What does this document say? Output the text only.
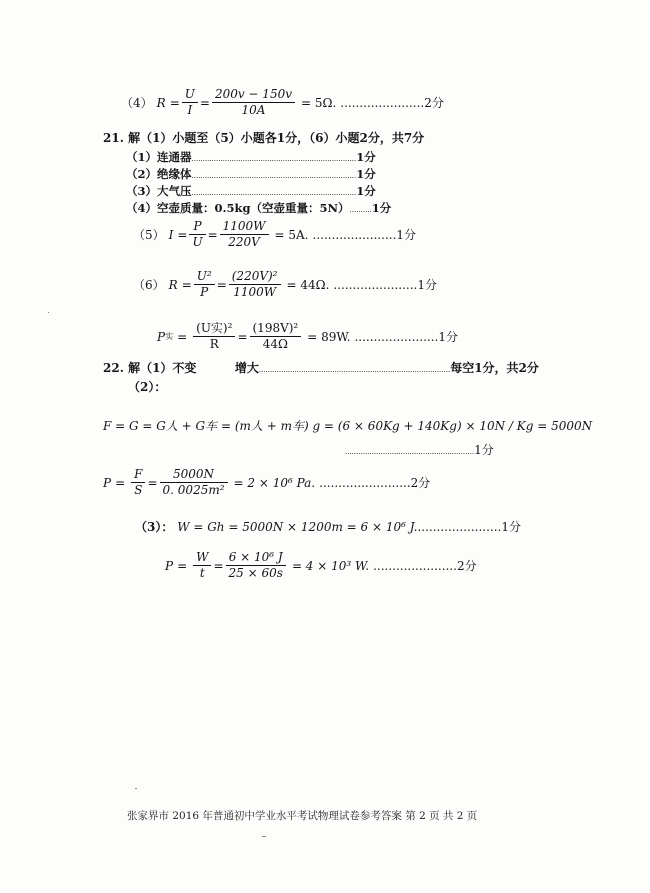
（4） $R = \frac{U}{I} = \frac{200v - 150v}{10A} = 5\Omega$. ...................... 2分
21. 解（1）小题至（5）小题各1分，（6）小题2分，共7分
（1）连通器..........................................................................1分
（2）绝缘体..........................................................................1分
（3）大气压..........................................................................1分
（4）空壶质量：0.5kg（空壶重量：5N）..........1分
（5） $I = \frac{P}{U} = \frac{1100W}{220V} = 5A$. ...................... 1分
（6） $R = \frac{\text{U²}}{P} = \frac{\text{(220V)²}}{1100W} = 44\Omega$. ...................... 1分
P 实 = $\frac{\text{(U实)²}}{R} = \frac{\text{(198V)²}}{44\Omega} = 89W$. ...................... 1分
22. 解（1）不变	增大......................................................................................每空1分，共2分
（2）：
F = G = G人 + G车 = (m人 + m车) g = (6 × 60Kg + 140Kg) × 10N / Kg = 5000N
..........................................................1分
$P = \frac{F}{S} = \frac{5000N}{\text{0. 0025m²}} = 2 \times 10^6$ Pa. ........................ 2分
（3）： W = Gh = 5000N × 1200m = 6 × 10⁶ J.......................1分
$P = \frac{W}{t} = \frac{\text{6 × 10⁶ J}}{25 \times 60s} = 4 \times 10^3$ W. ...................... 2分
张家界市 2016 年普通初中学业水平考试物理试卷参考答案 第 2 页 共 2 页
